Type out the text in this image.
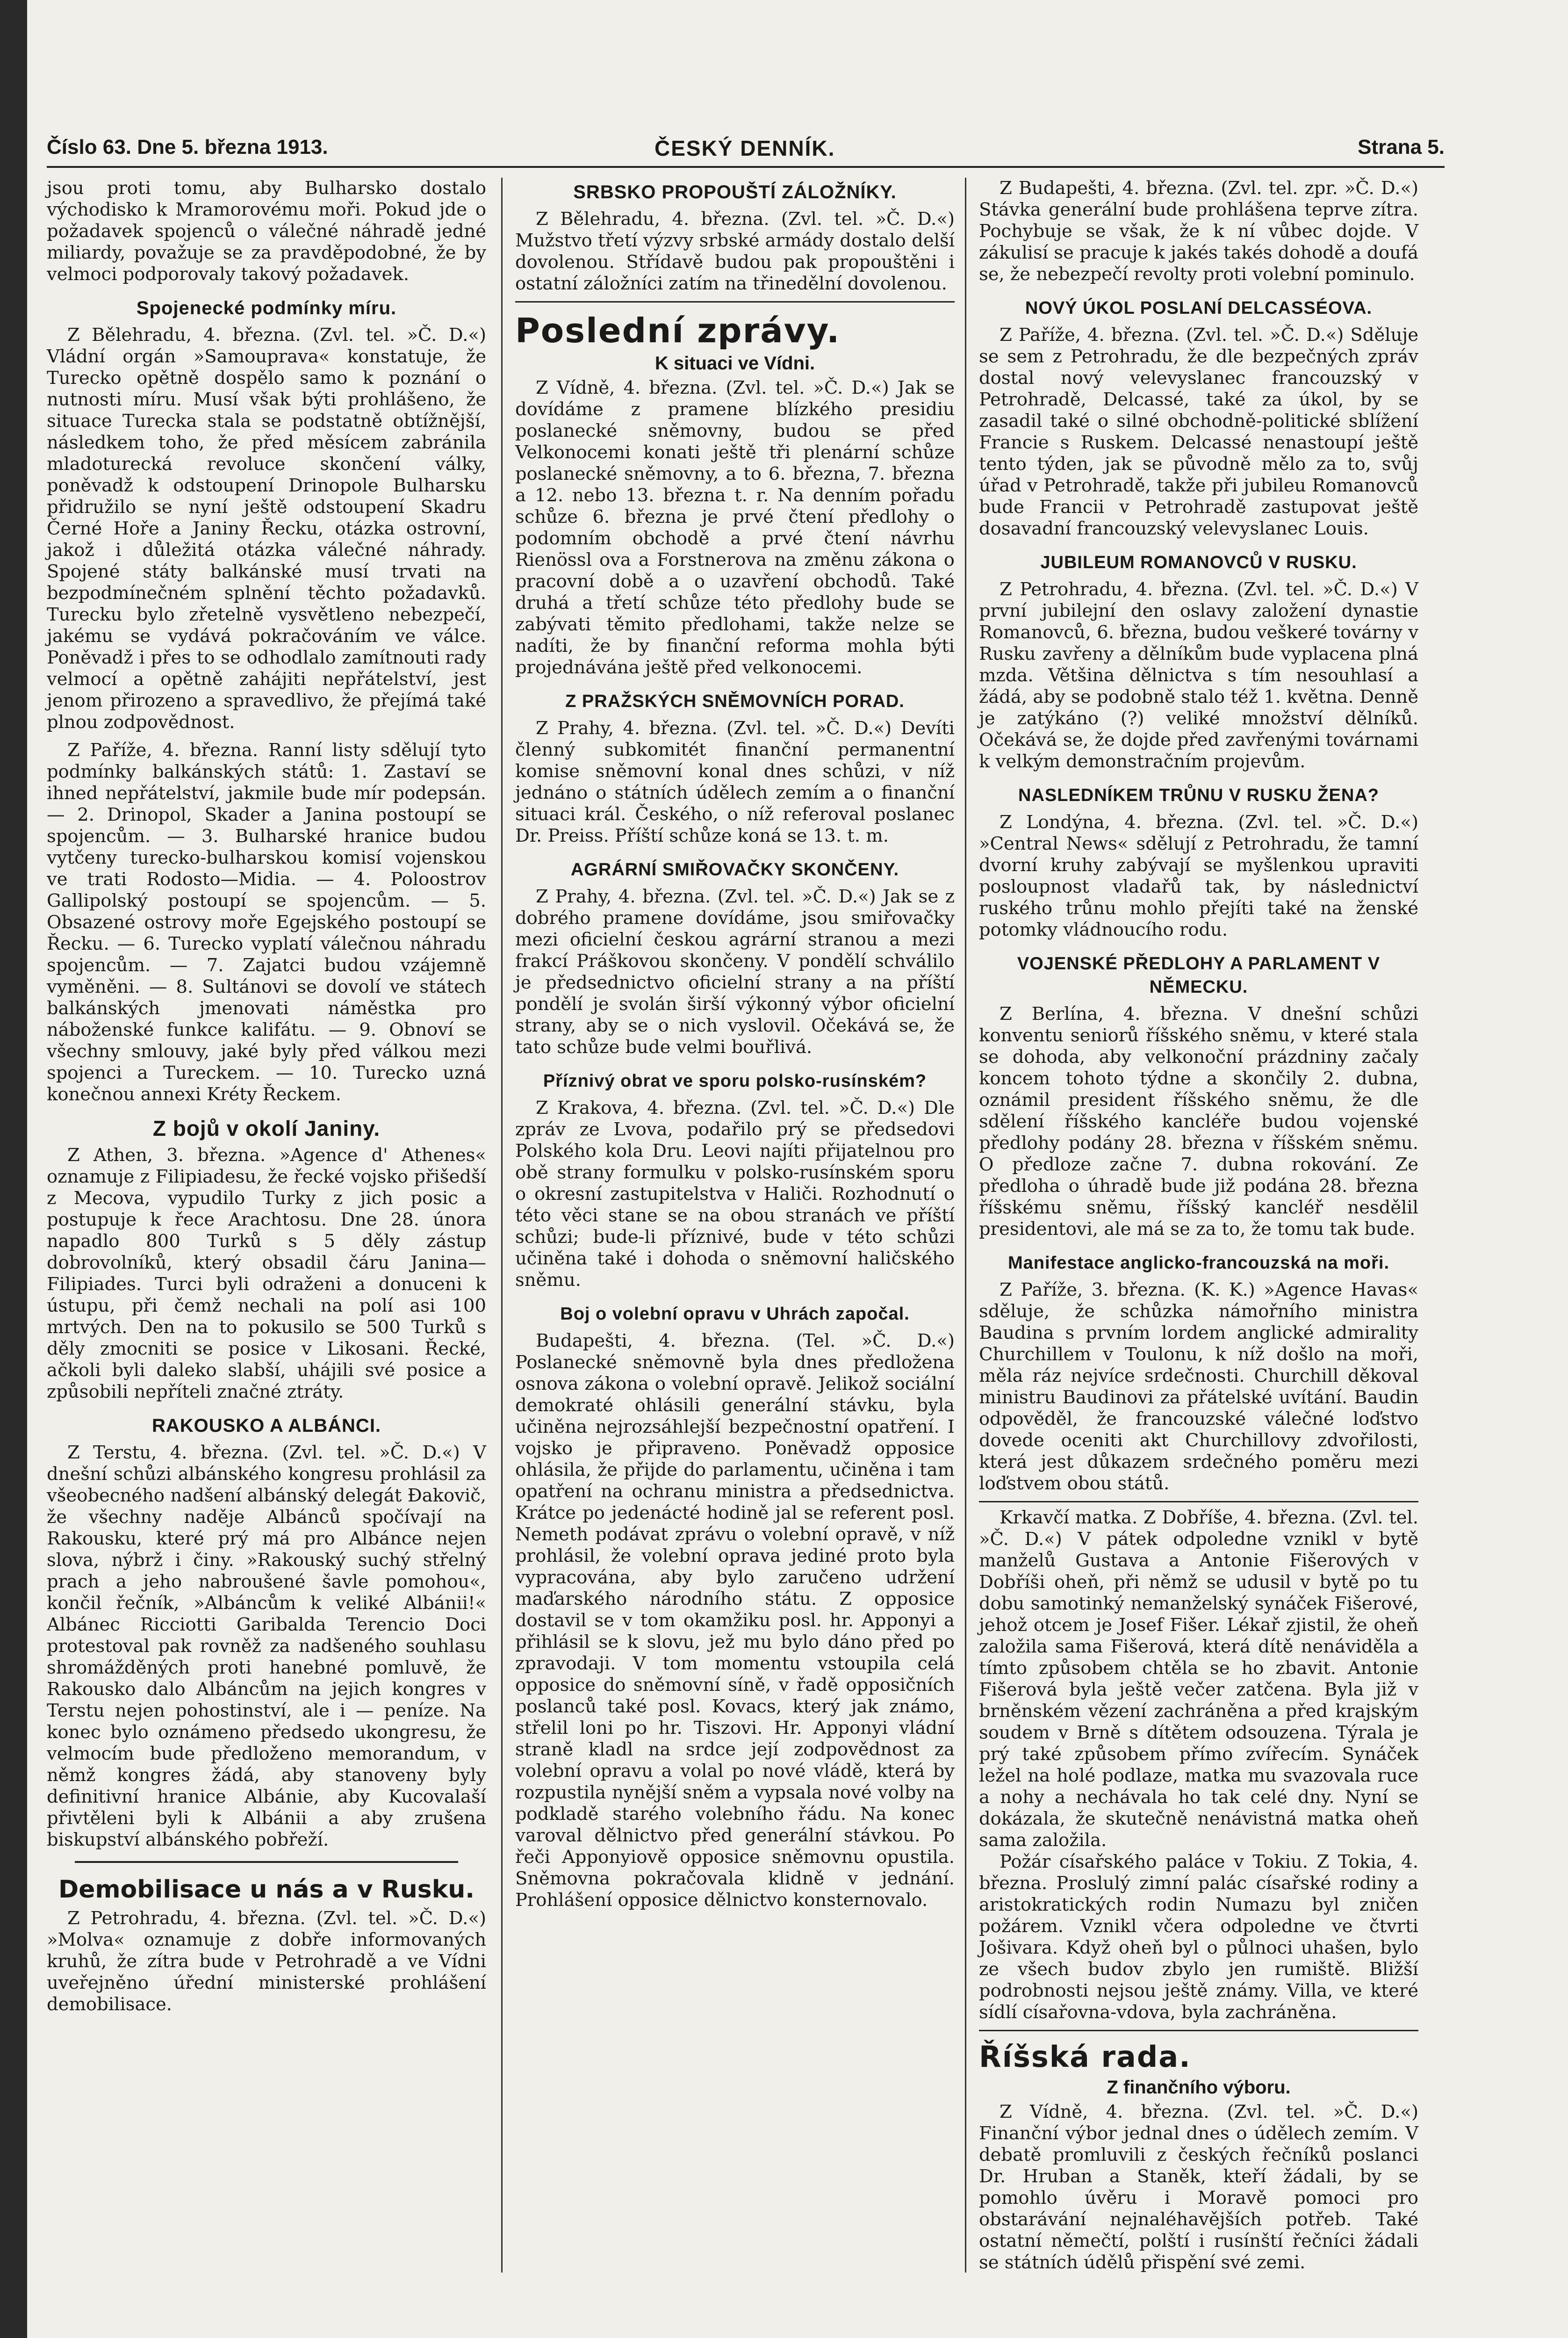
Číslo 63. Dne 5. března 1913.	ČESKÝ DENNÍK.	Strana 5.

jsou proti tomu, aby Bulharsko dostalo východisko k Mramorovému moři. Pokud jde o požadavek spojenců o válečné náhradě jedné miliardy, považuje se za pravděpodobné, že by velmoci podporovaly takový požadavek.

Spojenecké podmínky míru.

Z Bělehradu, 4. března. (Zvl. tel. »Č. D.«) Vládní orgán »Samouprava« konstatuje, že Turecko opětně dospělo samo k poznání o nutnosti míru. Musí však býti prohlášeno, že situace Turecka stala se podstatně obtížnější, následkem toho, že před měsícem zabránila mladoturecká revoluce skončení války, poněvadž k odstoupení Drinopole Bulharsku přidružilo se nyní ještě odstoupení Skadru Černé Hoře a Janiny Řecku, otázka ostrovní, jakož i důležitá otázka válečné náhrady. Spojené státy balkánské musí trvati na bezpodmínečném splnění těchto požadavků. Turecku bylo zřetelně vysvětleno nebezpečí, jakému se vydává pokračováním ve válce. Poněvadž i přes to se odhodlalo zamítnouti rady velmocí a opětně zahájiti nepřátelství, jest jenom přirozeno a spravedlivo, že přejímá také plnou zodpovědnost.

Z Paříže, 4. března. Ranní listy sdělují tyto podmínky balkánských států: 1. Zastaví se ihned nepřátelství, jakmile bude mír podepsán. — 2. Drinopol, Skader a Janina postoupí se spojencům. — 3. Bulharské hranice budou vytčeny turecko-bulharskou komisí vojenskou ve trati Rodosto—Midia. — 4. Poloostrov Gallipolský postoupí se spojencům. — 5. Obsazené ostrovy moře Egejského postoupí se Řecku. — 6. Turecko vyplatí válečnou náhradu spojencům. — 7. Zajatci budou vzájemně vyměněni. — 8. Sultánovi se dovolí ve státech balkánských jmenovati náměstka pro náboženské funkce kalifátu. — 9. Obnoví se všechny smlouvy, jaké byly před válkou mezi spojenci a Tureckem. — 10. Turecko uzná konečnou annexi Kréty Řeckem.

Z bojů v okolí Janiny.

Z Athen, 3. března. »Agence d' Athenes« oznamuje z Filipiadesu, že řecké vojsko přišedší z Mecova, vypudilo Turky z jich posic a postupuje k řece Arachtosu. Dne 28. února napadlo 800 Turků s 5 děly zástup dobrovolníků, který obsadil čáru Janina—Filipiades. Turci byli odraženi a donuceni k ústupu, při čemž nechali na polí asi 100 mrtvých. Den na to pokusilo se 500 Turků s děly zmocniti se posice v Likosani. Řecké, ačkoli byli daleko slabší, uhájili své posice a způsobili nepříteli značné ztráty.

RAKOUSKO A ALBÁNCI.

Z Terstu, 4. března. (Zvl. tel. »Č. D.«) V dnešní schůzi albánského kongresu prohlásil za všeobecného nadšení albánský delegát Đakovič, že všechny naděje Albánců spočívají na Rakousku, které prý má pro Albánce nejen slova, nýbrž i činy. »Rakouský suchý střelný prach a jeho nabroušené šavle pomohou«, končil řečník, »Albáncům k veliké Albánii!« Albánec Ricciotti Garibalda Terencio Doci protestoval pak rovněž za nadšeného souhlasu shromážděných proti hanebné pomluvě, že Rakousko dalo Albáncům na jejich kongres v Terstu nejen pohostinství, ale i — peníze. Na konec bylo oznámeno předsedo ukongresu, že velmocím bude předloženo memorandum, v němž kongres žádá, aby stanoveny byly definitivní hranice Albánie, aby Kucovalaší přivtěleni byli k Albánii a aby zrušena biskupství albánského pobřeží.

Demobilisace u nás a v Rusku.

Z Petrohradu, 4. března. (Zvl. tel. »Č. D.«) »Molva« oznamuje z dobře informovaných kruhů, že zítra bude v Petrohradě a ve Vídni uveřejněno úřední ministerské prohlášení demobilisace.

SRBSKO PROPOUŠTÍ ZÁLOŽNÍKY.

Z Bělehradu, 4. března. (Zvl. tel. »Č. D.«) Mužstvo třetí výzvy srbské armády dostalo delší dovolenou. Střídavě budou pak propouštěni i ostatní záložníci zatím na třinedělní dovolenou.

Poslední zprávy.
K situaci ve Vídni.

Z Vídně, 4. března. (Zvl. tel. »Č. D.«) Jak se dovídáme z pramene blízkého presidiu poslanecké sněmovny, budou se před Velkonocemi konati ještě tři plenární schůze poslanecké sněmovny, a to 6. března, 7. března a 12. nebo 13. března t. r. Na denním pořadu schůze 6. března je prvé čtení předlohy o podomním obchodě a prvé čtení návrhu Rienössl ova a Forstnerova na změnu zákona o pracovní době a o uzavření obchodů. Také druhá a třetí schůze této předlohy bude se zabývati těmito předlohami, takže nelze se nadíti, že by finanční reforma mohla býti projednávána ještě před velkonocemi.

Z PRAŽSKÝCH SNĚMOVNÍCH PORAD.

Z Prahy, 4. března. (Zvl. tel. »Č. D.«) Devíti členný subkomitét finanční permanentní komise sněmovní konal dnes schůzi, v níž jednáno o státních údělech zemím a o finanční situaci král. Českého, o níž referoval poslanec Dr. Preiss. Příští schůze koná se 13. t. m.

AGRÁRNÍ SMIŘOVAČKY SKONČENY.

Z Prahy, 4. března. (Zvl. tel. »Č. D.«) Jak se z dobrého pramene dovídáme, jsou smiřovačky mezi oficielní českou agrární stranou a mezi frakcí Práškovou skončeny. V pondělí schválilo je předsednictvo oficielní strany a na příští pondělí je svolán širší výkonný výbor oficielní strany, aby se o nich vyslovil. Očekává se, že tato schůze bude velmi bouřlivá.

Příznivý obrat ve sporu polsko-rusínském?

Z Krakova, 4. března. (Zvl. tel. »Č. D.«) Dle zpráv ze Lvova, podařilo prý se předsedovi Polského kola Dru. Leovi najíti přijatelnou pro obě strany formulku v polsko-rusínském sporu o okresní zastupitelstva v Haliči. Rozhodnutí o této věci stane se na obou stranách ve příští schůzi; bude-li příznivé, bude v této schůzi učiněna také i dohoda o sněmovní haličského sněmu.

Boj o volební opravu v Uhrách započal.

Budapešti, 4. března. (Tel. »Č. D.«) Poslanecké sněmovně byla dnes předložena osnova zákona o volební opravě. Jelikož sociální demokraté ohlásili generální stávku, byla učiněna nejrozsáhlejší bezpečnostní opatření. I vojsko je připraveno. Poněvadž opposice ohlásila, že přijde do parlamentu, učiněna i tam opatření na ochranu ministra a předsednictva. Krátce po jedenácté hodině jal se referent posl. Nemeth podávat zprávu o volební opravě, v níž prohlásil, že volební oprava jediné proto byla vypracována, aby bylo zaručeno udržení maďarského národního státu. Z opposice dostavil se v tom okamžiku posl. hr. Apponyi a přihlásil se k slovu, jež mu bylo dáno před po zpravodaji. V tom momentu vstoupila celá opposice do sněmovní síně, v řadě opposičních poslanců také posl. Kovacs, který jak známo, střelil loni po hr. Tiszovi. Hr. Apponyi vládní straně kladl na srdce její zodpovědnost za volební opravu a volal po nové vládě, která by rozpustila nynější sněm a vypsala nové volby na podkladě starého volebního řádu. Na konec varoval dělnictvo před generální stávkou. Po řeči Apponyiově opposice sněmovnu opustila. Sněmovna pokračovala klidně v jednání. Prohlášení opposice dělnictvo konsternovalo.

Z Budapešti, 4. března. (Zvl. tel. zpr. »Č. D.«) Stávka generální bude prohlášena teprve zítra. Pochybuje se však, že k ní vůbec dojde. V zákulisí se pracuje k jakés takés dohodě a doufá se, že nebezpečí revolty proti volební pominulo.

NOVÝ ÚKOL POSLANÍ DELCASSÉOVA.

Z Paříže, 4. března. (Zvl. tel. »Č. D.«) Sděluje se sem z Petrohradu, že dle bezpečných zpráv dostal nový velevyslanec francouzský v Petrohradě, Delcassé, také za úkol, by se zasadil také o silné obchodně-politické sblížení Francie s Ruskem. Delcassé nenastoupí ještě tento týden, jak se původně mělo za to, svůj úřad v Petrohradě, takže při jubileu Romanovců bude Francii v Petrohradě zastupovat ještě dosavadní francouzský velevyslanec Louis.

JUBILEUM ROMANOVCŮ V RUSKU.

Z Petrohradu, 4. března. (Zvl. tel. »Č. D.«) V první jubilejní den oslavy založení dynastie Romanovců, 6. března, budou veškeré továrny v Rusku zavřeny a dělníkům bude vyplacena plná mzda. Většina dělnictva s tím nesouhlasí a žádá, aby se podobně stalo též 1. května. Denně je zatýkáno (?) veliké množství dělníků. Očekává se, že dojde před zavřenými továrnami k velkým demonstračním projevům.

NASLEDNÍKEM TRŮNU V RUSKU ŽENA?

Z Londýna, 4. března. (Zvl. tel. »Č. D.«) »Central News« sdělují z Petrohradu, že tamní dvorní kruhy zabývají se myšlenkou upraviti posloupnost vladařů tak, by následnictví ruského trůnu mohlo přejíti také na ženské potomky vládnoucího rodu.

VOJENSKÉ PŘEDLOHY A PARLAMENT V NĚMECKU.

Z Berlína, 4. března. V dnešní schůzi konventu seniorů říšského sněmu, v které stala se dohoda, aby velkonoční prázdniny začaly koncem tohoto týdne a skončily 2. dubna, oznámil president říšského sněmu, že dle sdělení říšského kancléře budou vojenské předlohy podány 28. března v říšském sněmu. O předloze začne 7. dubna rokování. Ze předloha o úhradě bude již podána 28. března říšskému sněmu, říšský kancléř nesdělil presidentovi, ale má se za to, že tomu tak bude.

Manifestace anglicko-francouzská na moři.

Z Paříže, 3. března. (K. K.) »Agence Havas« sděluje, že schůzka námořního ministra Baudina s prvním lordem anglické admirality Churchillem v Toulonu, k níž došlo na moři, měla ráz nejvíce srdečnosti. Churchill děkoval ministru Baudinovi za přátelské uvítání. Baudin odpověděl, že francouzské válečné loďstvo dovede oceniti akt Churchillovy zdvořilosti, která jest důkazem srdečného poměru mezi loďstvem obou států.

Krkavčí matka. Z Dobříše, 4. března. (Zvl. tel. »Č. D.«) V pátek odpoledne vznikl v bytě manželů Gustava a Antonie Fišerových v Dobříši oheň, při němž se udusil v bytě po tu dobu samotinký nemanželský synáček Fišerové, jehož otcem je Josef Fišer. Lékař zjistil, že oheň založila sama Fišerová, která dítě nenáviděla a tímto způsobem chtěla se ho zbavit. Antonie Fišerová byla ještě večer zatčena. Byla již v brněnském vězení zachráněna a před krajským soudem v Brně s dítětem odsouzena. Týrala je prý také způsobem přímo zvířecím. Synáček ležel na holé podlaze, matka mu svazovala ruce a nohy a nechávala ho tak celé dny. Nyní se dokázala, že skutečně nenávistná matka oheň sama založila.

Požár císařského paláce v Tokiu. Z Tokia, 4. března. Proslulý zimní palác císařské rodiny a aristokratických rodin Numazu byl zničen požárem. Vznikl včera odpoledne ve čtvrti Jošivara. Když oheň byl o půlnoci uhašen, bylo ze všech budov zbylo jen rumiště. Bližší podrobnosti nejsou ještě známy. Villa, ve které sídlí císařovna-vdova, byla zachráněna.

Říšská rada.
Z finančního výboru.

Z Vídně, 4. března. (Zvl. tel. »Č. D.«) Finanční výbor jednal dnes o údělech zemím. V debatě promluvili z českých řečníků poslanci Dr. Hruban a Staněk, kteří žádali, by se pomohlo úvěru i Moravě pomoci pro obstarávání nejnaléhavějších potřeb. Také ostatní němečtí, polští i rusínští řečníci žádali se státních údělů přispění své zemi.
